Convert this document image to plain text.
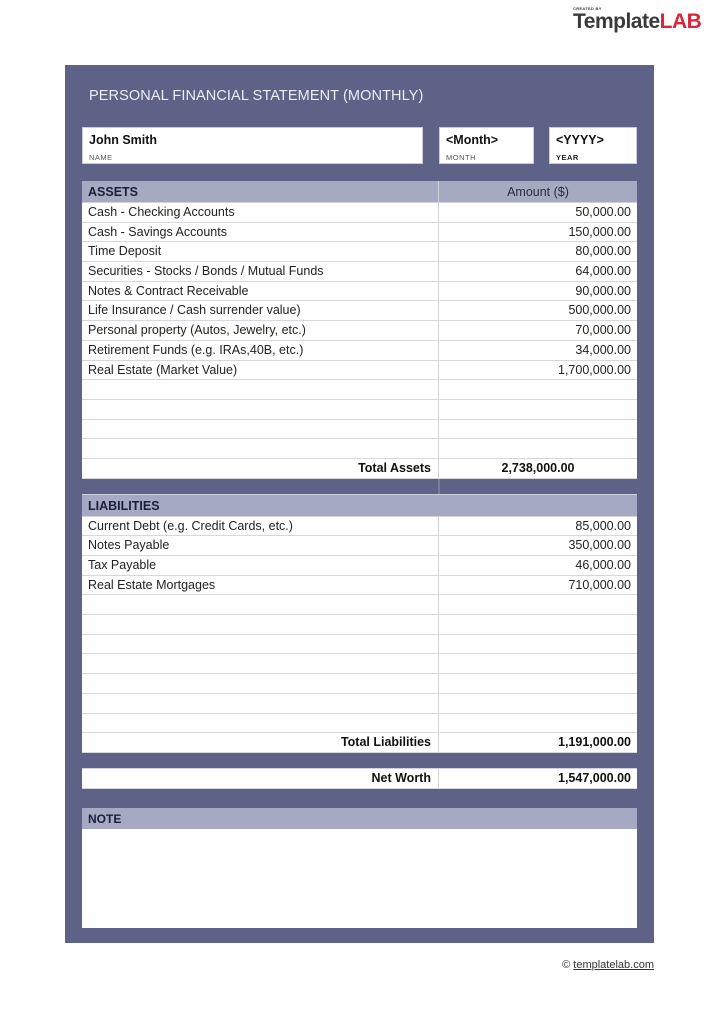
CREATED BY
TemplateLAB
PERSONAL FINANCIAL STATEMENT (MONTHLY)
John Smith
NAME
<Month>
MONTH
<YYYY>
YEAR
ASSETS	Amount ($)
Cash - Checking Accounts	50,000.00
Cash - Savings Accounts	150,000.00
Time Deposit	80,000.00
Securities - Stocks / Bonds / Mutual Funds	64,000.00
Notes & Contract Receivable	90,000.00
Life Insurance / Cash surrender value)	500,000.00
Personal property (Autos, Jewelry, etc.)	70,000.00
Retirement Funds (e.g. IRAs,40B, etc.)	34,000.00
Real Estate (Market Value)	1,700,000.00
Total Assets	2,738,000.00
LIABILITIES
Current Debt (e.g. Credit Cards, etc.)	85,000.00
Notes Payable	350,000.00
Tax Payable	46,000.00
Real Estate Mortgages	710,000.00
Total Liabilities	1,191,000.00
Net Worth	1,547,000.00
NOTE
© templatelab.com
